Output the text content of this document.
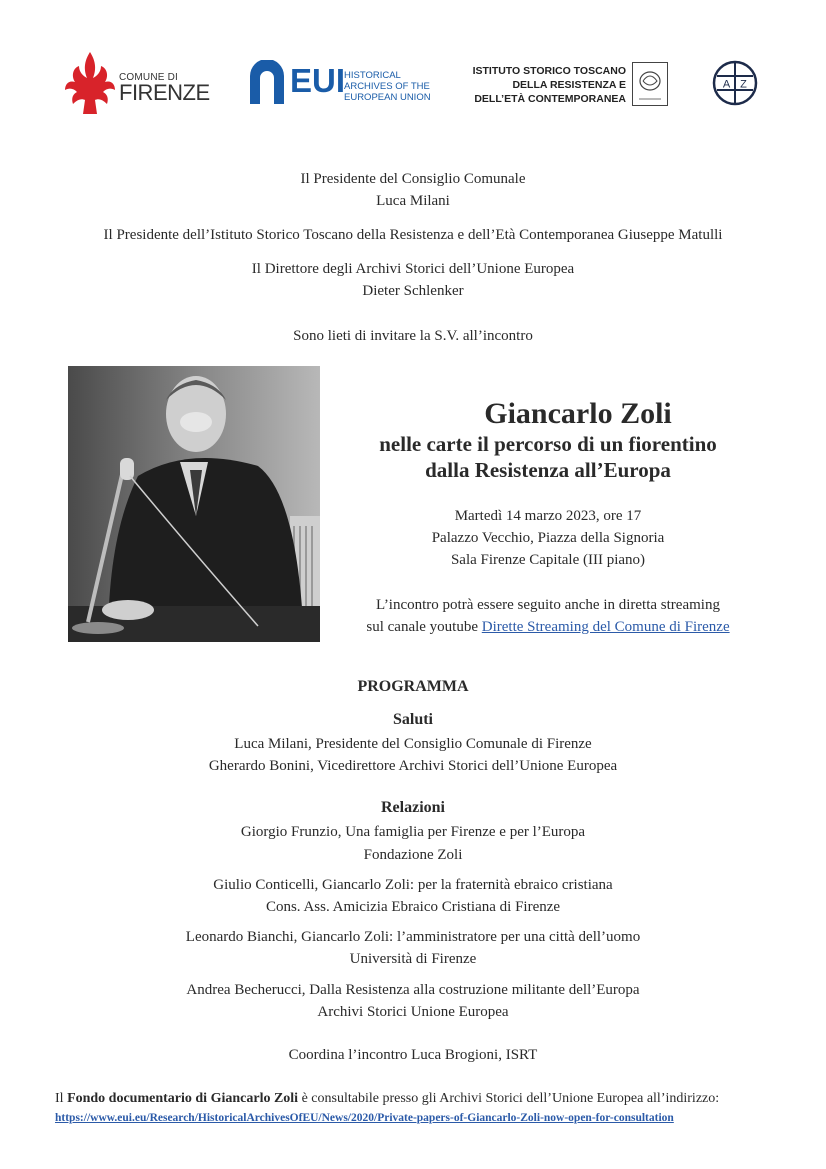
COMUNE DI
FIRENZE EUI
HISTORICAL
ARCHIVES OF THE
EUROPEAN UNION
ISTITUTO STORICO TOSCANO
DELLA RESISTENZA E
DELL’ETÀ CONTEMPORANEA
A Z
Il Presidente del Consiglio Comunale
Luca Milani
Il Presidente dell’Istituto Storico Toscano della Resistenza e dell’Età Contemporanea Giuseppe Matulli
Il Direttore degli Archivi Storici dell’Unione Europea
Dieter Schlenker
Sono lieti di invitare la S.V. all’incontro
Giancarlo Zoli
nelle carte il percorso di un fiorentino
dalla Resistenza all’Europa
Martedì 14 marzo 2023, ore 17
Palazzo Vecchio, Piazza della Signoria
Sala Firenze Capitale (III piano)
L’incontro potrà essere seguito anche in diretta streaming
sul canale youtube Dirette Streaming del Comune di Firenze
PROGRAMMA
Saluti
Luca Milani, Presidente del Consiglio Comunale di Firenze
Gherardo Bonini, Vicedirettore Archivi Storici dell’Unione Europea
Relazioni
Giorgio Frunzio, Una famiglia per Firenze e per l’Europa
Fondazione Zoli
Giulio Conticelli, Giancarlo Zoli: per la fraternità ebraico cristiana
Cons. Ass. Amicizia Ebraico Cristiana di Firenze
Leonardo Bianchi, Giancarlo Zoli: l’amministratore per una città dell’uomo
Università di Firenze
Andrea Becherucci, Dalla Resistenza alla costruzione militante dell’Europa
Archivi Storici Unione Europea
Coordina l’incontro Luca Brogioni, ISRT
Il Fondo documentario di Giancarlo Zoli è consultabile presso gli Archivi Storici dell’Unione Europea all’indirizzo:
https://www.eui.eu/Research/HistoricalArchivesOfEU/News/2020/Private-papers-of-Giancarlo-Zoli-now-open-for-consultation
